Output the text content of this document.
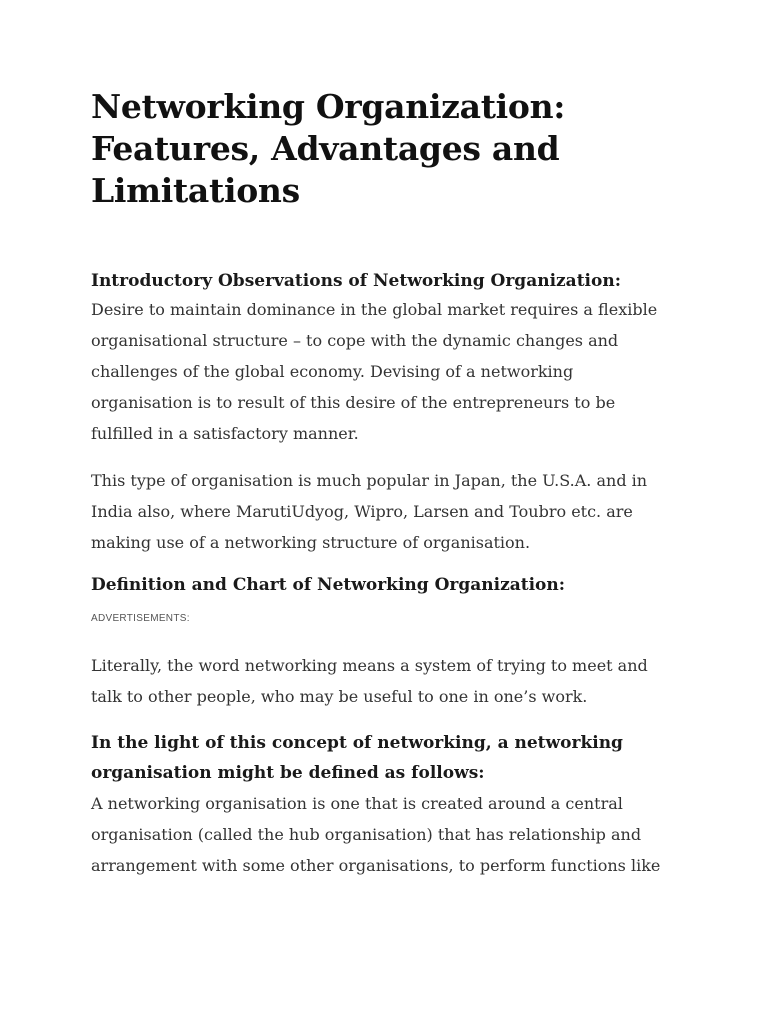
Networking Organization:
Features, Advantages and
Limitations
Introductory Observations of Networking Organization:

Desire to maintain dominance in the global market requires a flexible
organisational structure – to cope with the dynamic changes and
challenges of the global economy. Devising of a networking
organisation is to result of this desire of the entrepreneurs to be
fulfilled in a satisfactory manner.

This type of organisation is much popular in Japan, the U.S.A. and in
India also, where MarutiUdyog, Wipro, Larsen and Toubro etc. are
making use of a networking structure of organisation.

Definition and Chart of Networking Organization:
ADVERTISEMENTS:

Literally, the word networking means a system of trying to meet and
talk to other people, who may be useful to one in one’s work.

In the light of this concept of networking, a networking
organisation might be defined as follows:

A networking organisation is one that is created around a central
organisation (called the hub organisation) that has relationship and
arrangement with some other organisations, to perform functions like
